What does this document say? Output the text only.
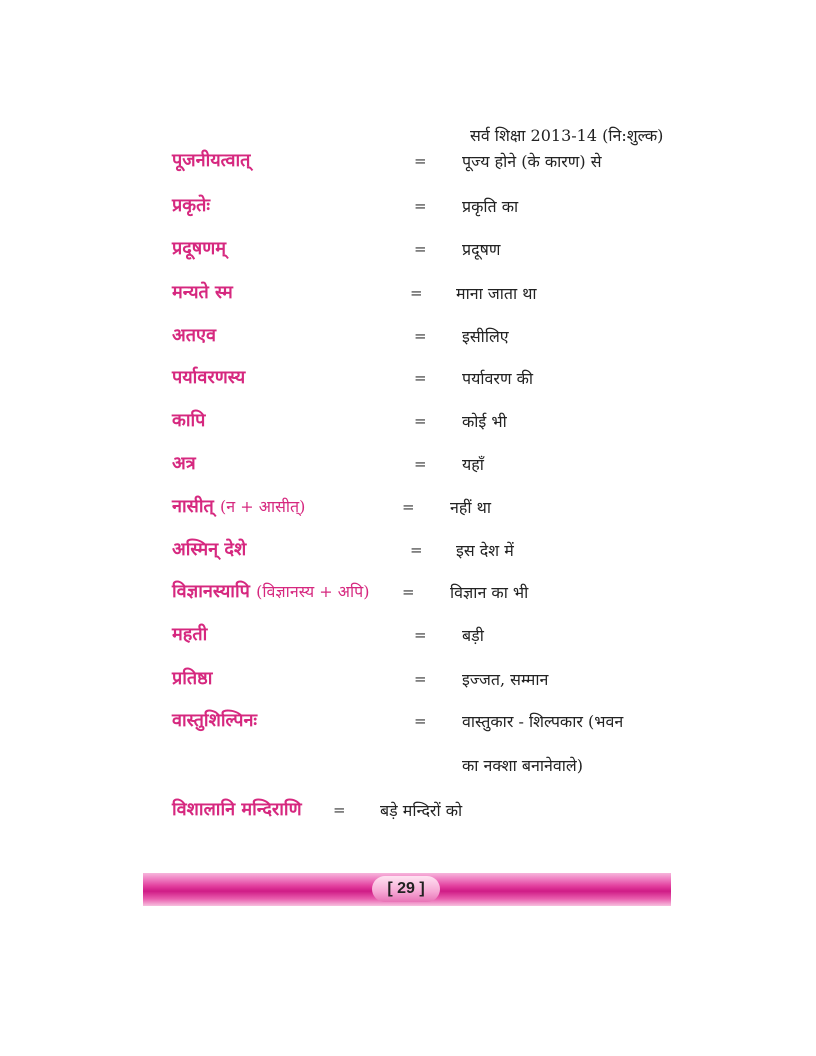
सर्व शिक्षा 2013-14 (नि:शुल्क)
पूजनीयत्वात्	= पूज्य होने (के कारण) से
प्रकृतेः	= प्रकृति का
प्रदूषणम्	= प्रदूषण
मन्यते स्म	= माना जाता था
अतएव	= इसीलिए
पर्यावरणस्य	= पर्यावरण की
कापि	= कोई भी
अत्र	= यहाँ
नासीत् (न + आसीत्)	= नहीं था
अस्मिन् देशे	= इस देश में
विज्ञानस्यापि (विज्ञानस्य + अपि) = विज्ञान का भी
महती	= बड़ी
प्रतिष्ठा	= इज्जत, सम्मान
वास्तुशिल्पिनः	= वास्तुकार - शिल्पकार (भवन
का नक्शा बनानेवाले)
विशालानि मन्दिराणि = बड़े मन्दिरों को
[ 29 ]
